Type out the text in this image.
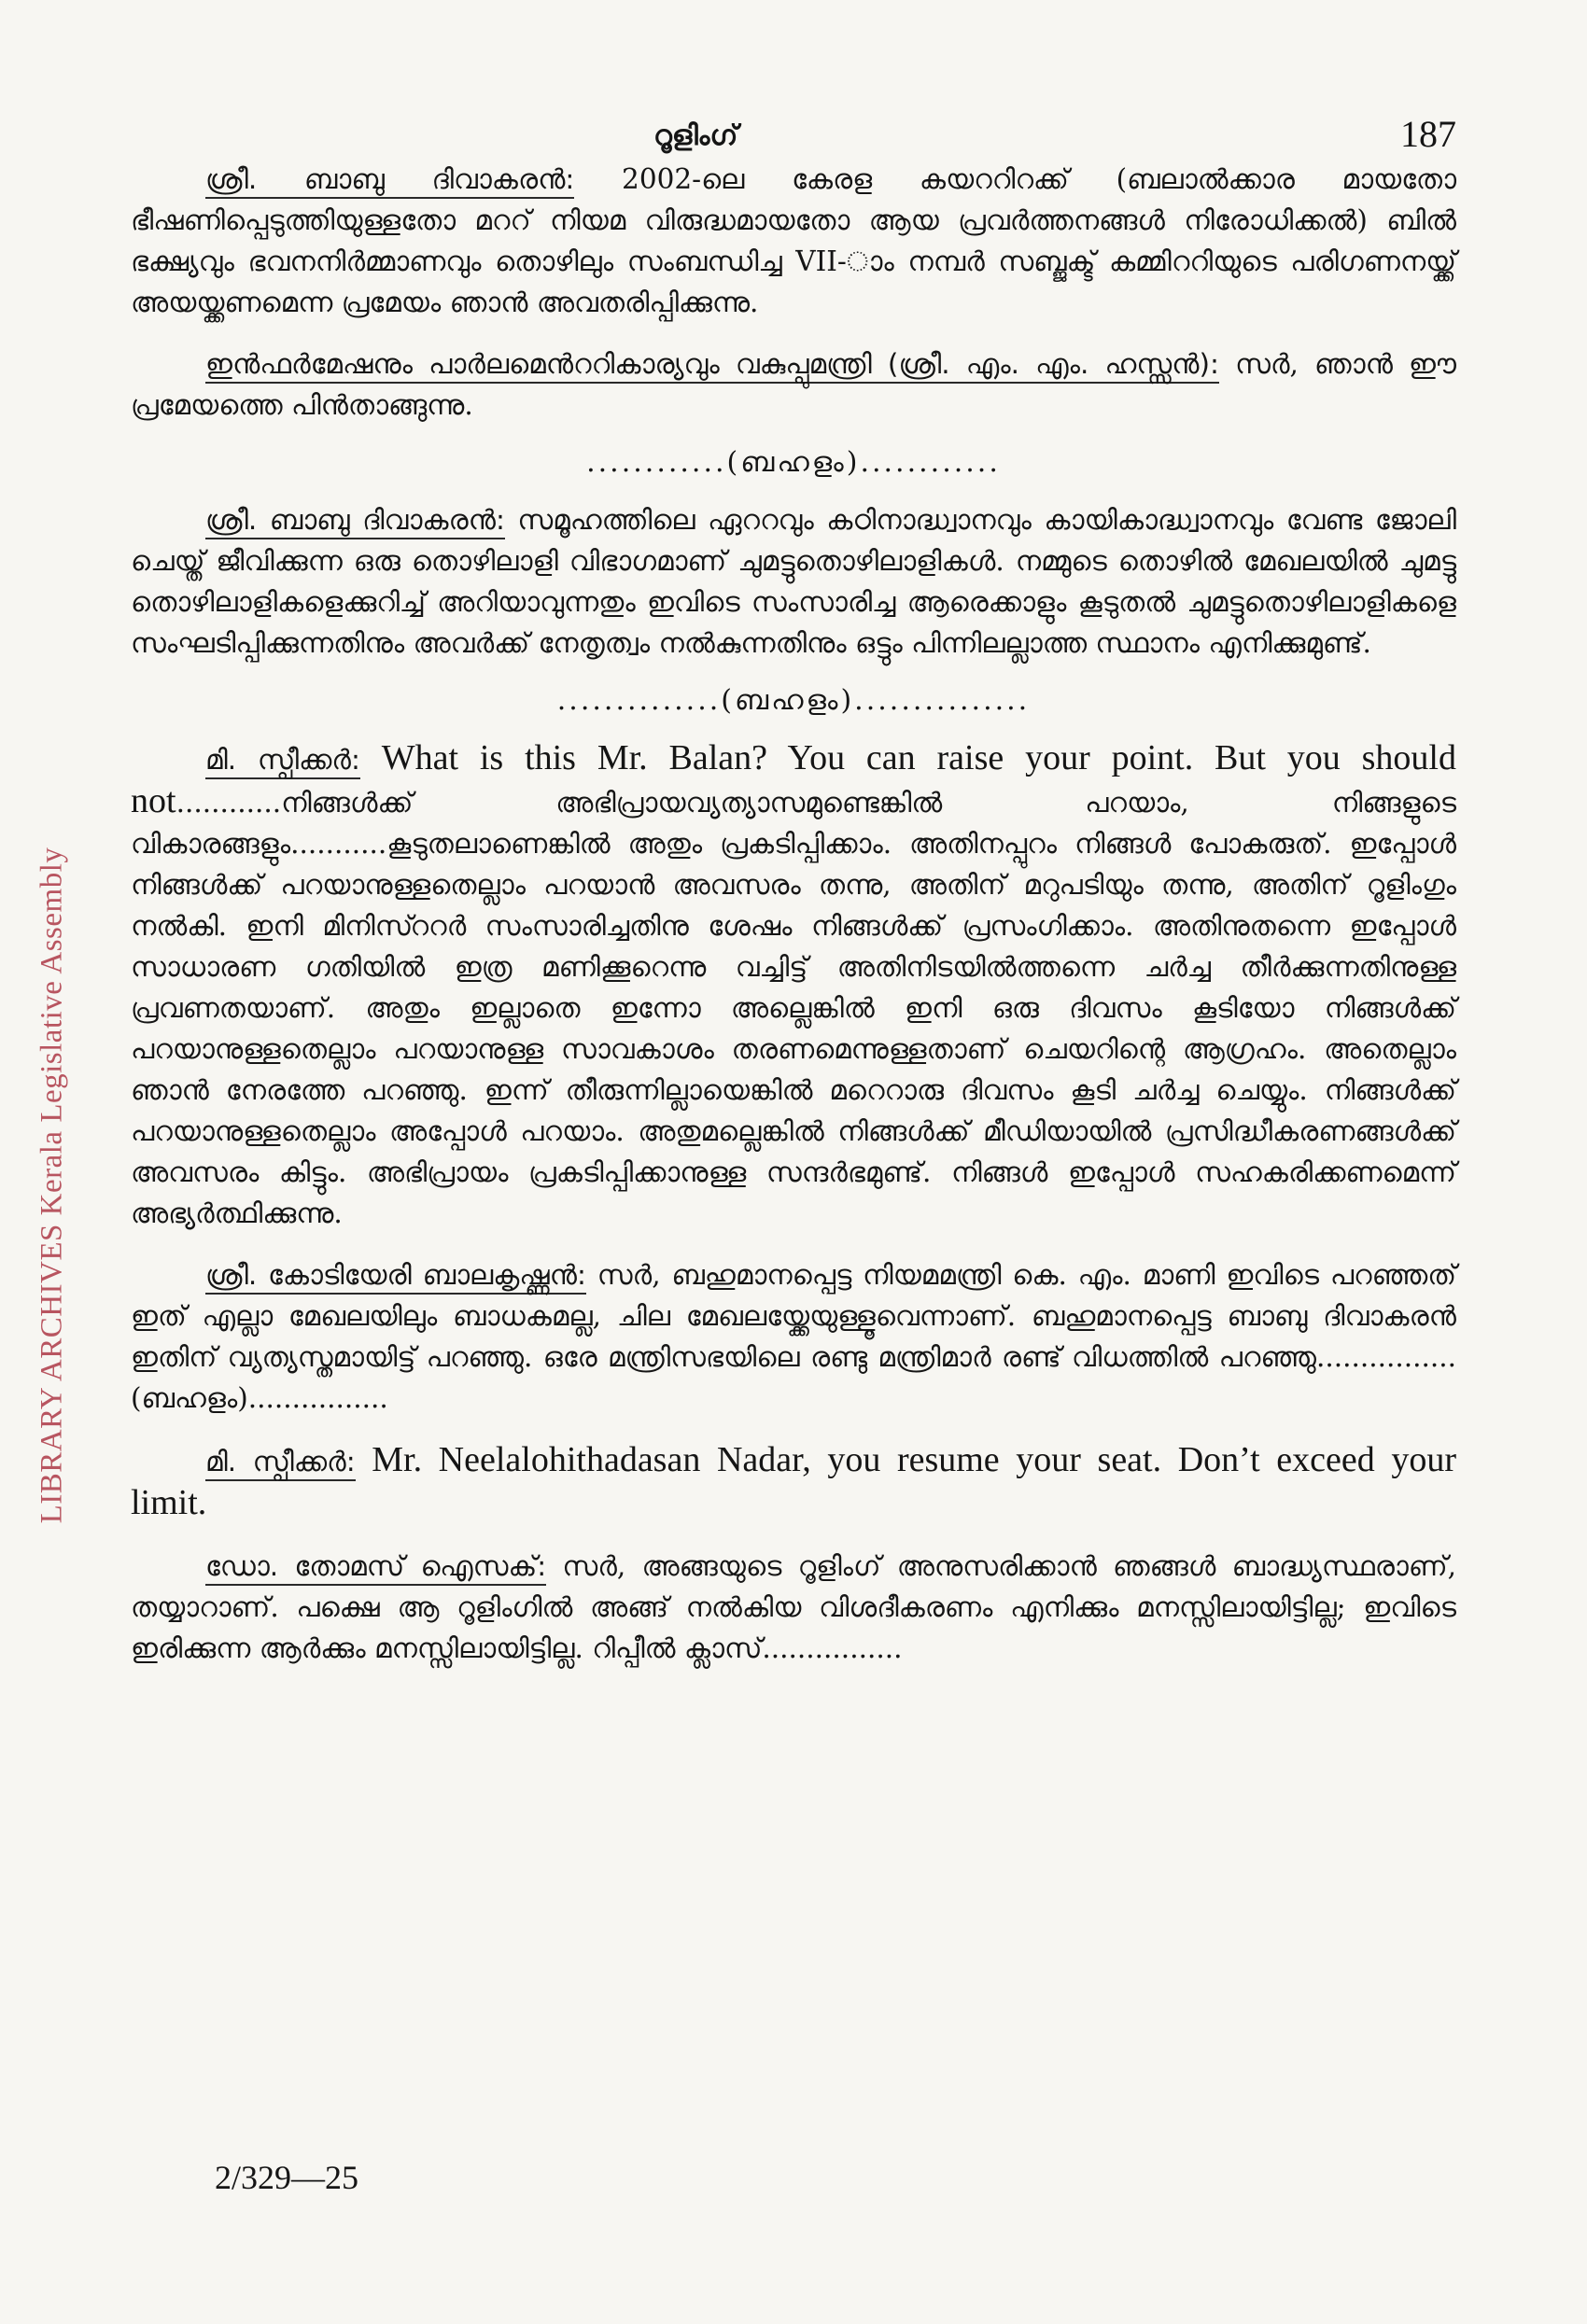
LIBRARY ARCHIVES Kerala Legislative Assembly
റൂളിംഗ്	187

ശ്രീ. ബാബു ദിവാകരൻ: 2002-ലെ കേരള കയററിറക്ക് (ബലാൽക്കാര മായതോ ഭീഷണിപ്പെടുത്തിയുള്ളതോ മററ് നിയമ വിരുദ്ധമായതോ ആയ പ്രവർത്തനങ്ങൾ നിരോധിക്കൽ) ബിൽ ഭക്ഷ്യവും ഭവനനിർമ്മാണവും തൊഴിലും സംബന്ധിച്ച VII-ാം നമ്പർ സബ്ജക്ട് കമ്മിററിയുടെ പരിഗണനയ്ക്ക് അയയ്ക്കണമെന്ന പ്രമേയം ഞാൻ അവതരിപ്പിക്കുന്നു.

ഇൻഫർമേഷനും പാർലമെൻററികാര്യവും വകുപ്പുമന്ത്രി (ശ്രീ. എം. എം. ഹസ്സൻ): സർ, ഞാൻ ഈ പ്രമേയത്തെ പിൻതാങ്ങുന്നു.

............(ബഹളം)............

ശ്രീ. ബാബു ദിവാകരൻ: സമൂഹത്തിലെ ഏററവും കഠിനാദ്ധ്വാനവും കായികാദ്ധ്വാനവും വേണ്ട ജോലി ചെയ്ത് ജീവിക്കുന്ന ഒരു തൊഴിലാളി വിഭാഗമാണ് ചുമട്ടുതൊഴിലാളികൾ. നമ്മുടെ തൊഴിൽ മേഖലയിൽ ചുമട്ടു തൊഴിലാളികളെക്കുറിച്ച് അറിയാവുന്നതും ഇവിടെ സംസാരിച്ച ആരെക്കാളും കൂടുതൽ ചുമട്ടുതൊഴിലാളികളെ സംഘടിപ്പിക്കുന്നതിനും അവർക്ക് നേതൃത്വം നൽകുന്നതിനും ഒട്ടും പിന്നിലല്ലാത്ത സ്ഥാനം എനിക്കുമുണ്ട്.

..............(ബഹളം)...............

മി. സ്പീക്കർ: What is this Mr. Balan? You can raise your point. But you should not............നിങ്ങൾക്ക് അഭിപ്രായവ്യത്യാസമുണ്ടെങ്കിൽ പറയാം, നിങ്ങളുടെ വികാരങ്ങളും...........കൂടുതലാണെങ്കിൽ അതും പ്രകടിപ്പിക്കാം. അതിനപ്പുറം നിങ്ങൾ പോകരുത്. ഇപ്പോൾ നിങ്ങൾക്ക് പറയാനുള്ളതെല്ലാം പറയാൻ അവസരം തന്നു, അതിന് മറുപടിയും തന്നു, അതിന് റൂളിംഗും നൽകി. ഇനി മിനിസ്ററർ സംസാരിച്ചതിനു ശേഷം നിങ്ങൾക്ക് പ്രസംഗിക്കാം. അതിനുതന്നെ ഇപ്പോൾ സാധാരണ ഗതിയിൽ ഇത്ര മണിക്കൂറെന്നു വച്ചിട്ട് അതിനിടയിൽത്തന്നെ ചർച്ച തീർക്കുന്നതിനുള്ള പ്രവണതയാണ്. അതും ഇല്ലാതെ ഇന്നോ അല്ലെങ്കിൽ ഇനി ഒരു ദിവസം കൂടിയോ നിങ്ങൾക്ക് പറയാനുള്ളതെല്ലാം പറയാനുള്ള സാവകാശം തരണമെന്നുള്ളതാണ് ചെയറിന്റെ ആഗ്രഹം. അതെല്ലാം ഞാൻ നേരത്തേ പറഞ്ഞു. ഇന്ന് തീരുന്നില്ലായെങ്കിൽ മറെറാരു ദിവസം കൂടി ചർച്ച ചെയ്യും. നിങ്ങൾക്ക് പറയാനുള്ളതെല്ലാം അപ്പോൾ പറയാം. അതുമല്ലെങ്കിൽ നിങ്ങൾക്ക് മീഡിയായിൽ പ്രസിദ്ധീകരണങ്ങൾക്ക് അവസരം കിട്ടും. അഭിപ്രായം പ്രകടിപ്പിക്കാനുള്ള സന്ദർഭമുണ്ട്. നിങ്ങൾ ഇപ്പോൾ സഹകരിക്കണമെന്ന് അഭ്യർത്ഥിക്കുന്നു.

ശ്രീ. കോടിയേരി ബാലകൃഷ്ണൻ: സർ, ബഹുമാനപ്പെട്ട നിയമമന്ത്രി കെ. എം. മാണി ഇവിടെ പറഞ്ഞത് ഇത് എല്ലാ മേഖലയിലും ബാധകമല്ല, ചില മേഖലയ്ക്കേയുള്ളൂവെന്നാണ്. ബഹുമാനപ്പെട്ട ബാബു ദിവാകരൻ ഇതിന് വ്യത്യസ്തമായിട്ട് പറഞ്ഞു. ഒരേ മന്ത്രിസഭയിലെ രണ്ടു മന്ത്രിമാർ രണ്ട് വിധത്തിൽ പറഞ്ഞു................(ബഹളം)................

മി. സ്പീക്കർ: Mr. Neelalohithadasan Nadar, you resume your seat. Don’t exceed your limit.

ഡോ. തോമസ് ഐസക്: സർ, അങ്ങയുടെ റൂളിംഗ് അനുസരിക്കാൻ ഞങ്ങൾ ബാദ്ധ്യസ്ഥരാണ്, തയ്യാറാണ്. പക്ഷെ ആ റൂളിംഗിൽ അങ്ങ് നൽകിയ വിശദീകരണം എനിക്കും മനസ്സിലായിട്ടില്ല; ഇവിടെ ഇരിക്കുന്ന ആർക്കും മനസ്സിലായിട്ടില്ല. റിപ്പീൽ ക്ലാസ്................

2/329—25
